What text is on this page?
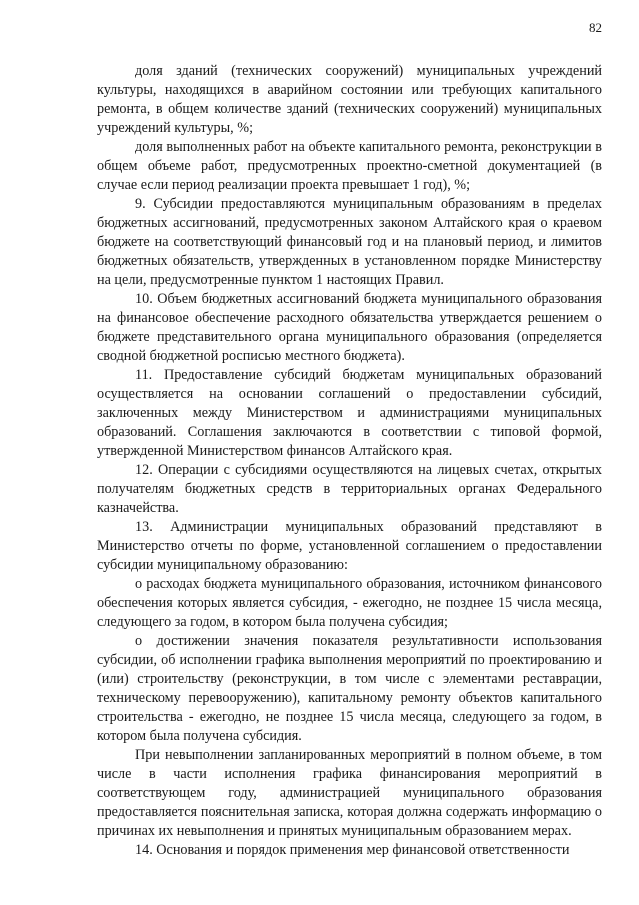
82

доля зданий (технических сооружений) муниципальных учреждений культуры, находящихся в аварийном состоянии или требующих капитального ремонта, в общем количестве зданий (технических сооружений) муниципальных учреждений культуры, %;

доля выполненных работ на объекте капитального ремонта, реконструкции в общем объеме работ, предусмотренных проектно-сметной документацией (в случае если период реализации проекта превышает 1 год), %;

9. Субсидии предоставляются муниципальным образованиям в пределах бюджетных ассигнований, предусмотренных законом Алтайского края о краевом бюджете на соответствующий финансовый год и на плановый период, и лимитов бюджетных обязательств, утвержденных в установленном порядке Министерству на цели, предусмотренные пунктом 1 настоящих Правил.

10. Объем бюджетных ассигнований бюджета муниципального образования на финансовое обеспечение расходного обязательства утверждается решением о бюджете представительного органа муниципального образования (определяется сводной бюджетной росписью местного бюджета).

11. Предоставление субсидий бюджетам муниципальных образований осуществляется на основании соглашений о предоставлении субсидий, заключенных между Министерством и администрациями муниципальных образований. Соглашения заключаются в соответствии с типовой формой, утвержденной Министерством финансов Алтайского края.

12. Операции с субсидиями осуществляются на лицевых счетах, открытых получателям бюджетных средств в территориальных органах Федерального казначейства.

13. Администрации муниципальных образований представляют в Министерство отчеты по форме, установленной соглашением о предоставлении субсидии муниципальному образованию:

о расходах бюджета муниципального образования, источником финансового обеспечения которых является субсидия, - ежегодно, не позднее 15 числа месяца, следующего за годом, в котором была получена субсидия;

о достижении значения показателя результативности использования субсидии, об исполнении графика выполнения мероприятий по проектированию и (или) строительству (реконструкции, в том числе с элементами реставрации, техническому перевооружению), капитальному ремонту объектов капитального строительства - ежегодно, не позднее 15 числа месяца, следующего за годом, в котором была получена субсидия.

При невыполнении запланированных мероприятий в полном объеме, в том числе в части исполнения графика финансирования мероприятий в соответствующем году, администрацией муниципального образования предоставляется пояснительная записка, которая должна содержать информацию о причинах их невыполнения и принятых муниципальным образованием мерах.

14. Основания и порядок применения мер финансовой ответственности
